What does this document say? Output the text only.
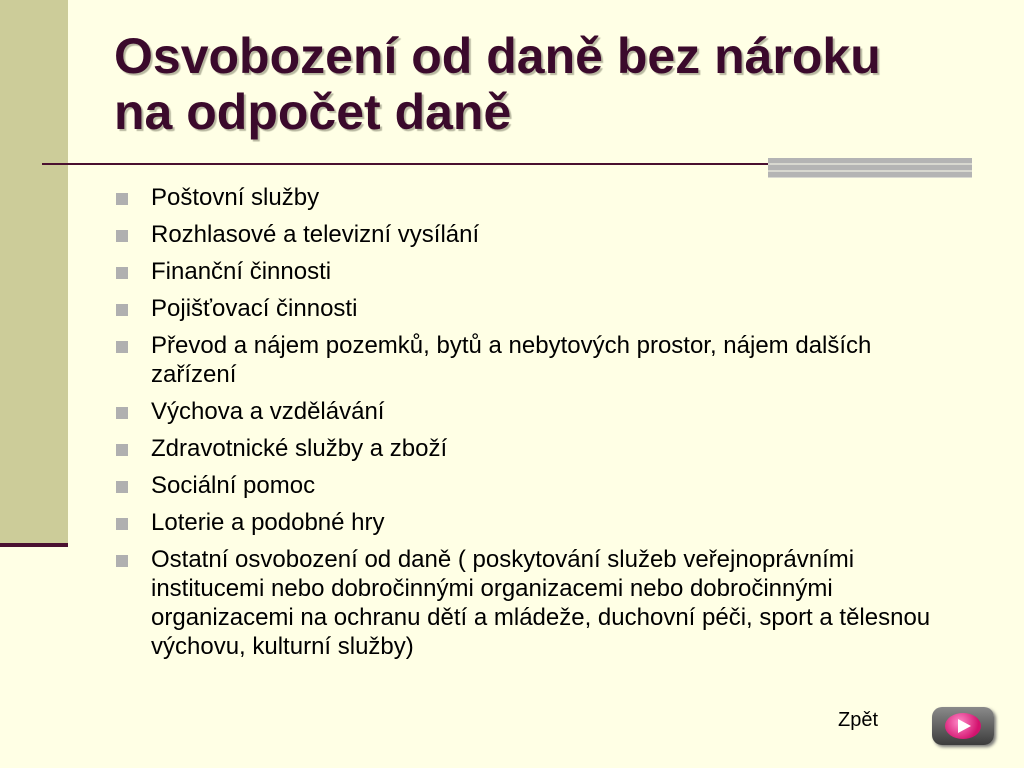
Osvobození od daně bez nároku na odpočet daně
Poštovní služby
Rozhlasové a televizní vysílání
Finanční činnosti
Pojišťovací činnosti
Převod a nájem pozemků, bytů a nebytových prostor, nájem dalších zařízení
Výchova a vzdělávání
Zdravotnické služby a zboží
Sociální pomoc
Loterie a podobné hry
Ostatní osvobození od daně ( poskytování služeb veřejnoprávními institucemi nebo dobročinnými organizacemi nebo dobročinnými organizacemi na ochranu dětí a mládeže, duchovní péči, sport a tělesnou výchovu, kulturní služby)
Zpět
